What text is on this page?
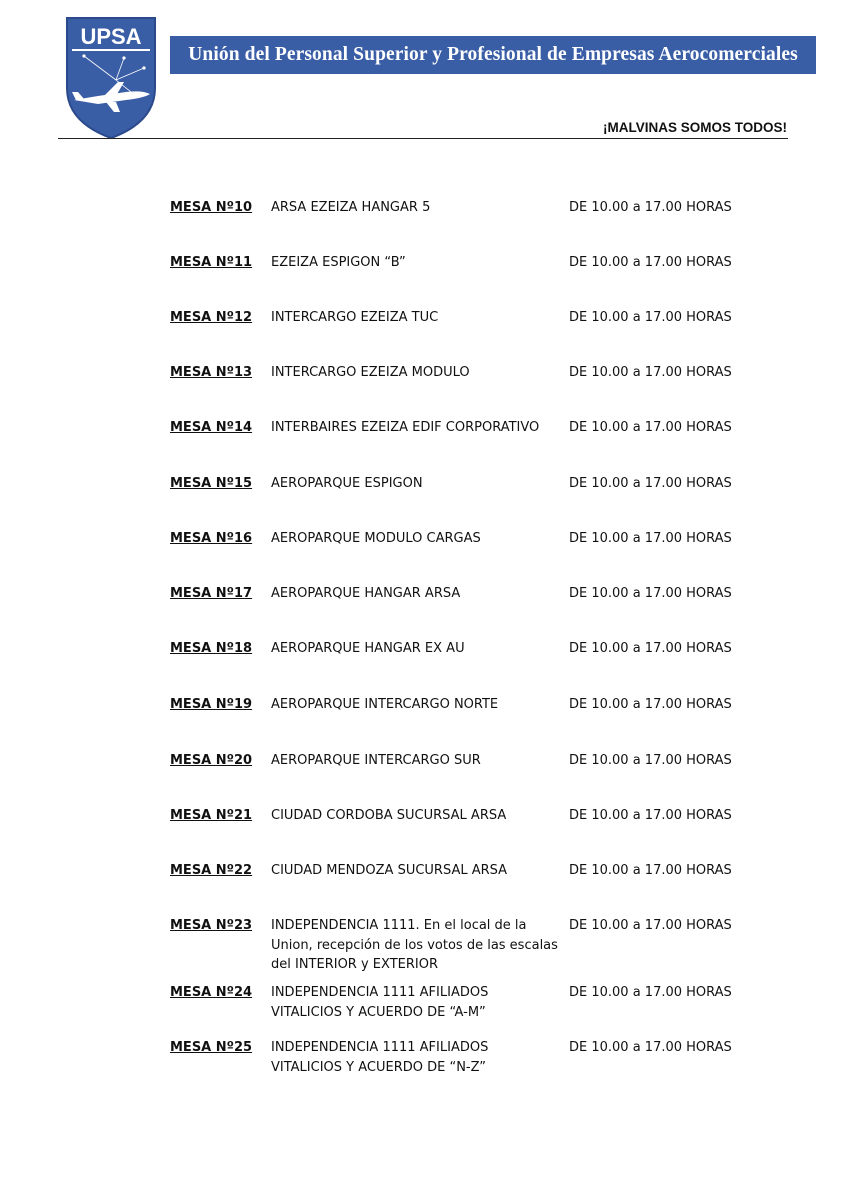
UPSA
Unión del Personal Superior y Profesional de Empresas Aerocomerciales
¡MALVINAS SOMOS TODOS!
MESA Nº10 ARSA EZEIZA HANGAR 5	DE 10.00 a 17.00 HORAS
MESA Nº11 EZEIZA ESPIGON “B”	DE 10.00 a 17.00 HORAS
MESA Nº12 INTERCARGO EZEIZA TUC	DE 10.00 a 17.00 HORAS
MESA Nº13 INTERCARGO EZEIZA MODULO	DE 10.00 a 17.00 HORAS
MESA Nº14 INTERBAIRES EZEIZA EDIF CORPORATIVO	DE 10.00 a 17.00 HORAS
MESA Nº15 AEROPARQUE ESPIGON	DE 10.00 a 17.00 HORAS
MESA Nº16 AEROPARQUE MODULO CARGAS	DE 10.00 a 17.00 HORAS
MESA Nº17 AEROPARQUE HANGAR ARSA	DE 10.00 a 17.00 HORAS
MESA Nº18 AEROPARQUE HANGAR EX AU	DE 10.00 a 17.00 HORAS
MESA Nº19 AEROPARQUE INTERCARGO NORTE	DE 10.00 a 17.00 HORAS
MESA Nº20 AEROPARQUE INTERCARGO SUR	DE 10.00 a 17.00 HORAS
MESA Nº21 CIUDAD CORDOBA SUCURSAL ARSA	DE 10.00 a 17.00 HORAS
MESA Nº22 CIUDAD MENDOZA SUCURSAL ARSA	DE 10.00 a 17.00 HORAS
MESA Nº23 INDEPENDENCIA 1111. En el local de la
Union, recepción de los votos de las escalas
del INTERIOR y EXTERIOR
DE 10.00 a 17.00 HORAS
MESA Nº24 INDEPENDENCIA 1111 AFILIADOS
VITALICIOS Y ACUERDO DE “A-M”
DE 10.00 a 17.00 HORAS
MESA Nº25 INDEPENDENCIA 1111 AFILIADOS
VITALICIOS Y ACUERDO DE “N-Z”
DE 10.00 a 17.00 HORAS
